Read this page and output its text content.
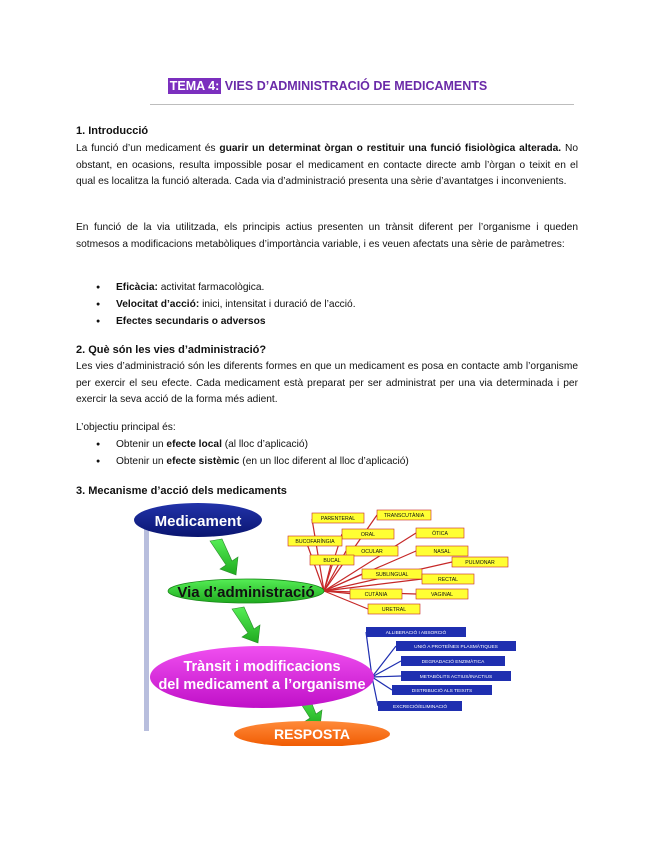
TEMA 4: VIES D’ADMINISTRACIÓ DE MEDICAMENTS
1. Introducció

La funció d’un medicament és guarir un determinat òrgan o restituir una funció fisiològica alterada. No obstant, en ocasions, resulta impossible posar el medicament en contacte directe amb l’òrgan o teixit en el qual es localitza la funció alterada. Cada via d’administració presenta una sèrie d’avantatges i inconvenients.

En funció de la via utilitzada, els principis actius presenten un trànsit diferent per l’organisme i queden sotmesos a modificacions metabòliques d’importància variable, i es veuen afectats una sèrie de paràmetres:

● Eficàcia: activitat farmacològica.
● Velocitat d’acció: inici, intensitat i duració de l’acció.
● Efectes secundaris o adversos
2. Què són les vies d’administració?

Les vies d’administració són les diferents formes en que un medicament es posa en contacte amb l’organisme per exercir el seu efecte. Cada medicament està preparat per ser administrat per una via determinada i per exercir la seva acció de la forma més adient.

L’objectiu principal és:

● Obtenir un efecte local (al lloc d’aplicació)
● Obtenir un efecte sistèmic (en un lloc diferent al lloc d’aplicació)
3. Mecanisme d’acció dels medicaments
Medicament
Via d’administració
Trànsit i modificacions
del medicament a l’organisme
RESPOSTA
PARENTERAL	TRANSCUTÀNIA
ORAL	ÒTICA
BUCOFARÍNGIA
OCULAR	NASAL
BUCAL	PULMONAR
SUBLINGUAL
RECTAL
CUTÀNIA	VAGINAL
URETRAL
ALLIBERACIÓ I ABSORCIÓ
UNIÓ A PROTEÏNES PLASMÀTIQUES
DEGRADACIÓ ENZIMÀTICA
METABÒLITS ACTIUS/INACTIUS
DISTRIBUCIÓ ALS TEIXITS
EXCRECIÓ/ELIMINACIÓ
